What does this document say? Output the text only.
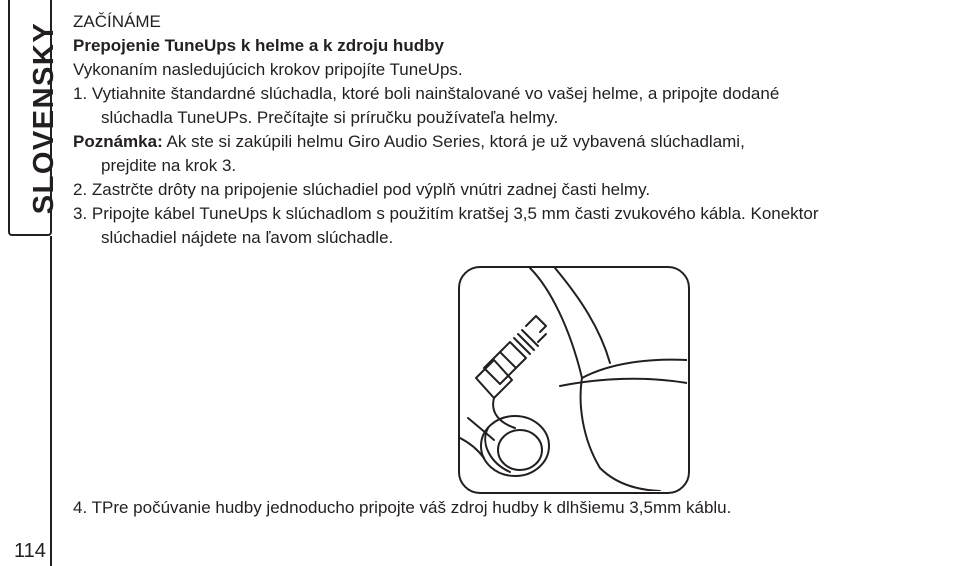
SLOVENSKY
114

ZAČÍNÁME

Prepojenie TuneUps k helme a k zdroju hudby

Vykonaním nasledujúcich krokov pripojíte TuneUps.

1. Vytiahnite štandardné slúchadla, ktoré boli nainštalované vo vašej helme, a pripojte dodané

slúchadla TuneUPs. Prečítajte si príručku používateľa helmy.

Poznámka: Ak ste si zakúpili helmu Giro Audio Series, ktorá je už vybavená slúchadlami,

prejdite na krok 3.

2. Zastrčte drôty na pripojenie slúchadiel pod výplň vnútri zadnej časti helmy.

3. Pripojte kábel TuneUps k slúchadlom s použitím kratšej 3,5 mm časti zvukového kábla. Konektor

slúchadiel nájdete na ľavom slúchadle.

4. TPre počúvanie hudby jednoducho pripojte váš zdroj hudby k dlhšiemu 3,5mm káblu.
